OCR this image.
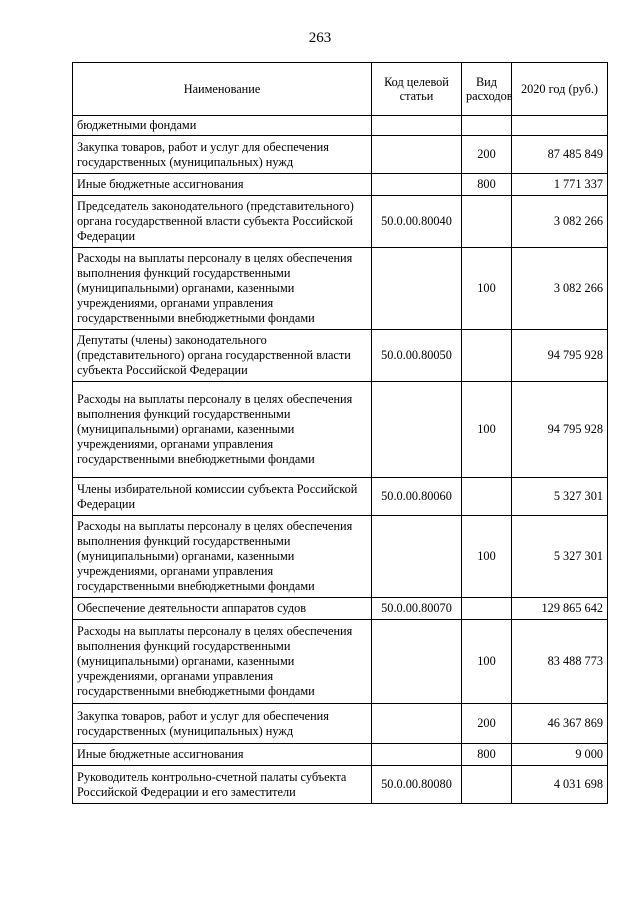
263
Наименование	Код целевой статьи	Вид расходов	2020 год (руб.)
бюджетными фондами			
Закупка товаров, работ и услуг для обеспечения государственных (муниципальных) нужд		200	87 485 849
Иные бюджетные ассигнования		800	1 771 337
Председатель законодательного (представительного) органа государственной власти субъекта Российской Федерации	50.0.00.80040		3 082 266
Расходы на выплаты персоналу в целях обеспечения выполнения функций государственными (муниципальными) органами, казенными учреждениями, органами управления государственными внебюджетными фондами		100	3 082 266
Депутаты (члены) законодательного (представительного) органа государственной власти субъекта Российской Федерации	50.0.00.80050		94 795 928
Расходы на выплаты персоналу в целях обеспечения выполнения функций государственными (муниципальными) органами, казенными учреждениями, органами управления государственными внебюджетными фондами		100	94 795 928
Члены избирательной комиссии субъекта Российской Федерации	50.0.00.80060		5 327 301
Расходы на выплаты персоналу в целях обеспечения выполнения функций государственными (муниципальными) органами, казенными учреждениями, органами управления государственными внебюджетными фондами		100	5 327 301
Обеспечение деятельности аппаратов судов	50.0.00.80070		129 865 642
Расходы на выплаты персоналу в целях обеспечения выполнения функций государственными (муниципальными) органами, казенными учреждениями, органами управления государственными внебюджетными фондами		100	83 488 773
Закупка товаров, работ и услуг для обеспечения государственных (муниципальных) нужд		200	46 367 869
Иные бюджетные ассигнования		800	9 000
Руководитель контрольно-счетной палаты субъекта Российской Федерации и его заместители	50.0.00.80080		4 031 698
